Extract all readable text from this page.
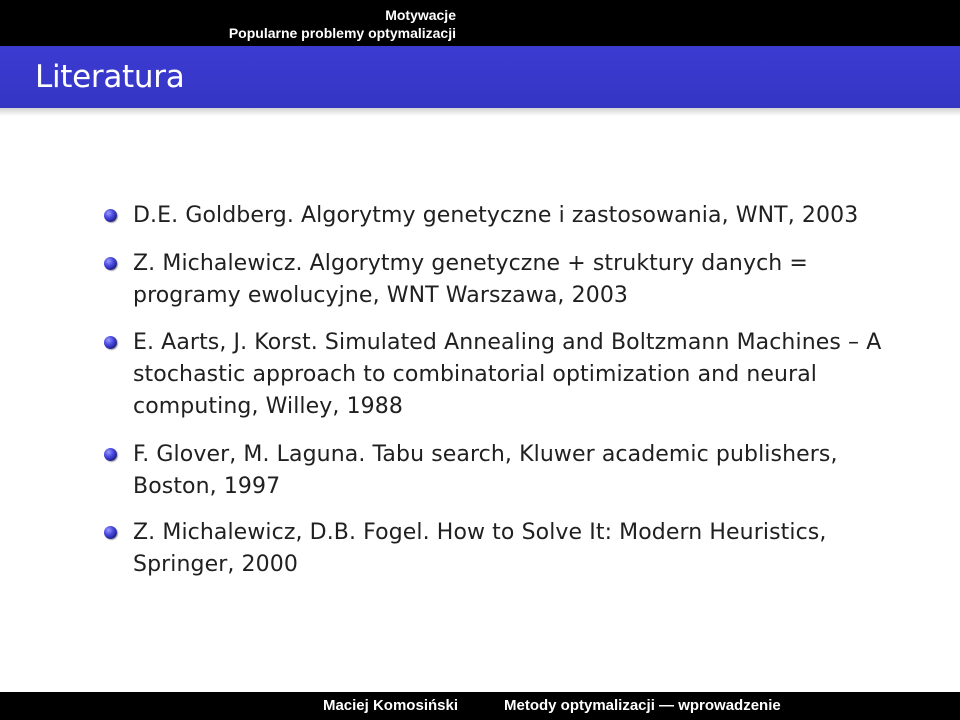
Motywacje
Popularne problemy optymalizacji
Literatura
D.E. Goldberg. Algorytmy genetyczne i zastosowania, WNT, 2003
Z. Michalewicz. Algorytmy genetyczne + struktury danych = programy ewolucyjne, WNT Warszawa, 2003
E. Aarts, J. Korst. Simulated Annealing and Boltzmann Machines – A stochastic approach to combinatorial optimization and neural computing, Willey, 1988
F. Glover, M. Laguna. Tabu search, Kluwer academic publishers, Boston, 1997
Z. Michalewicz, D.B. Fogel. How to Solve It: Modern Heuristics, Springer, 2000
Maciej Komosiński	Metody optymalizacji — wprowadzenie
